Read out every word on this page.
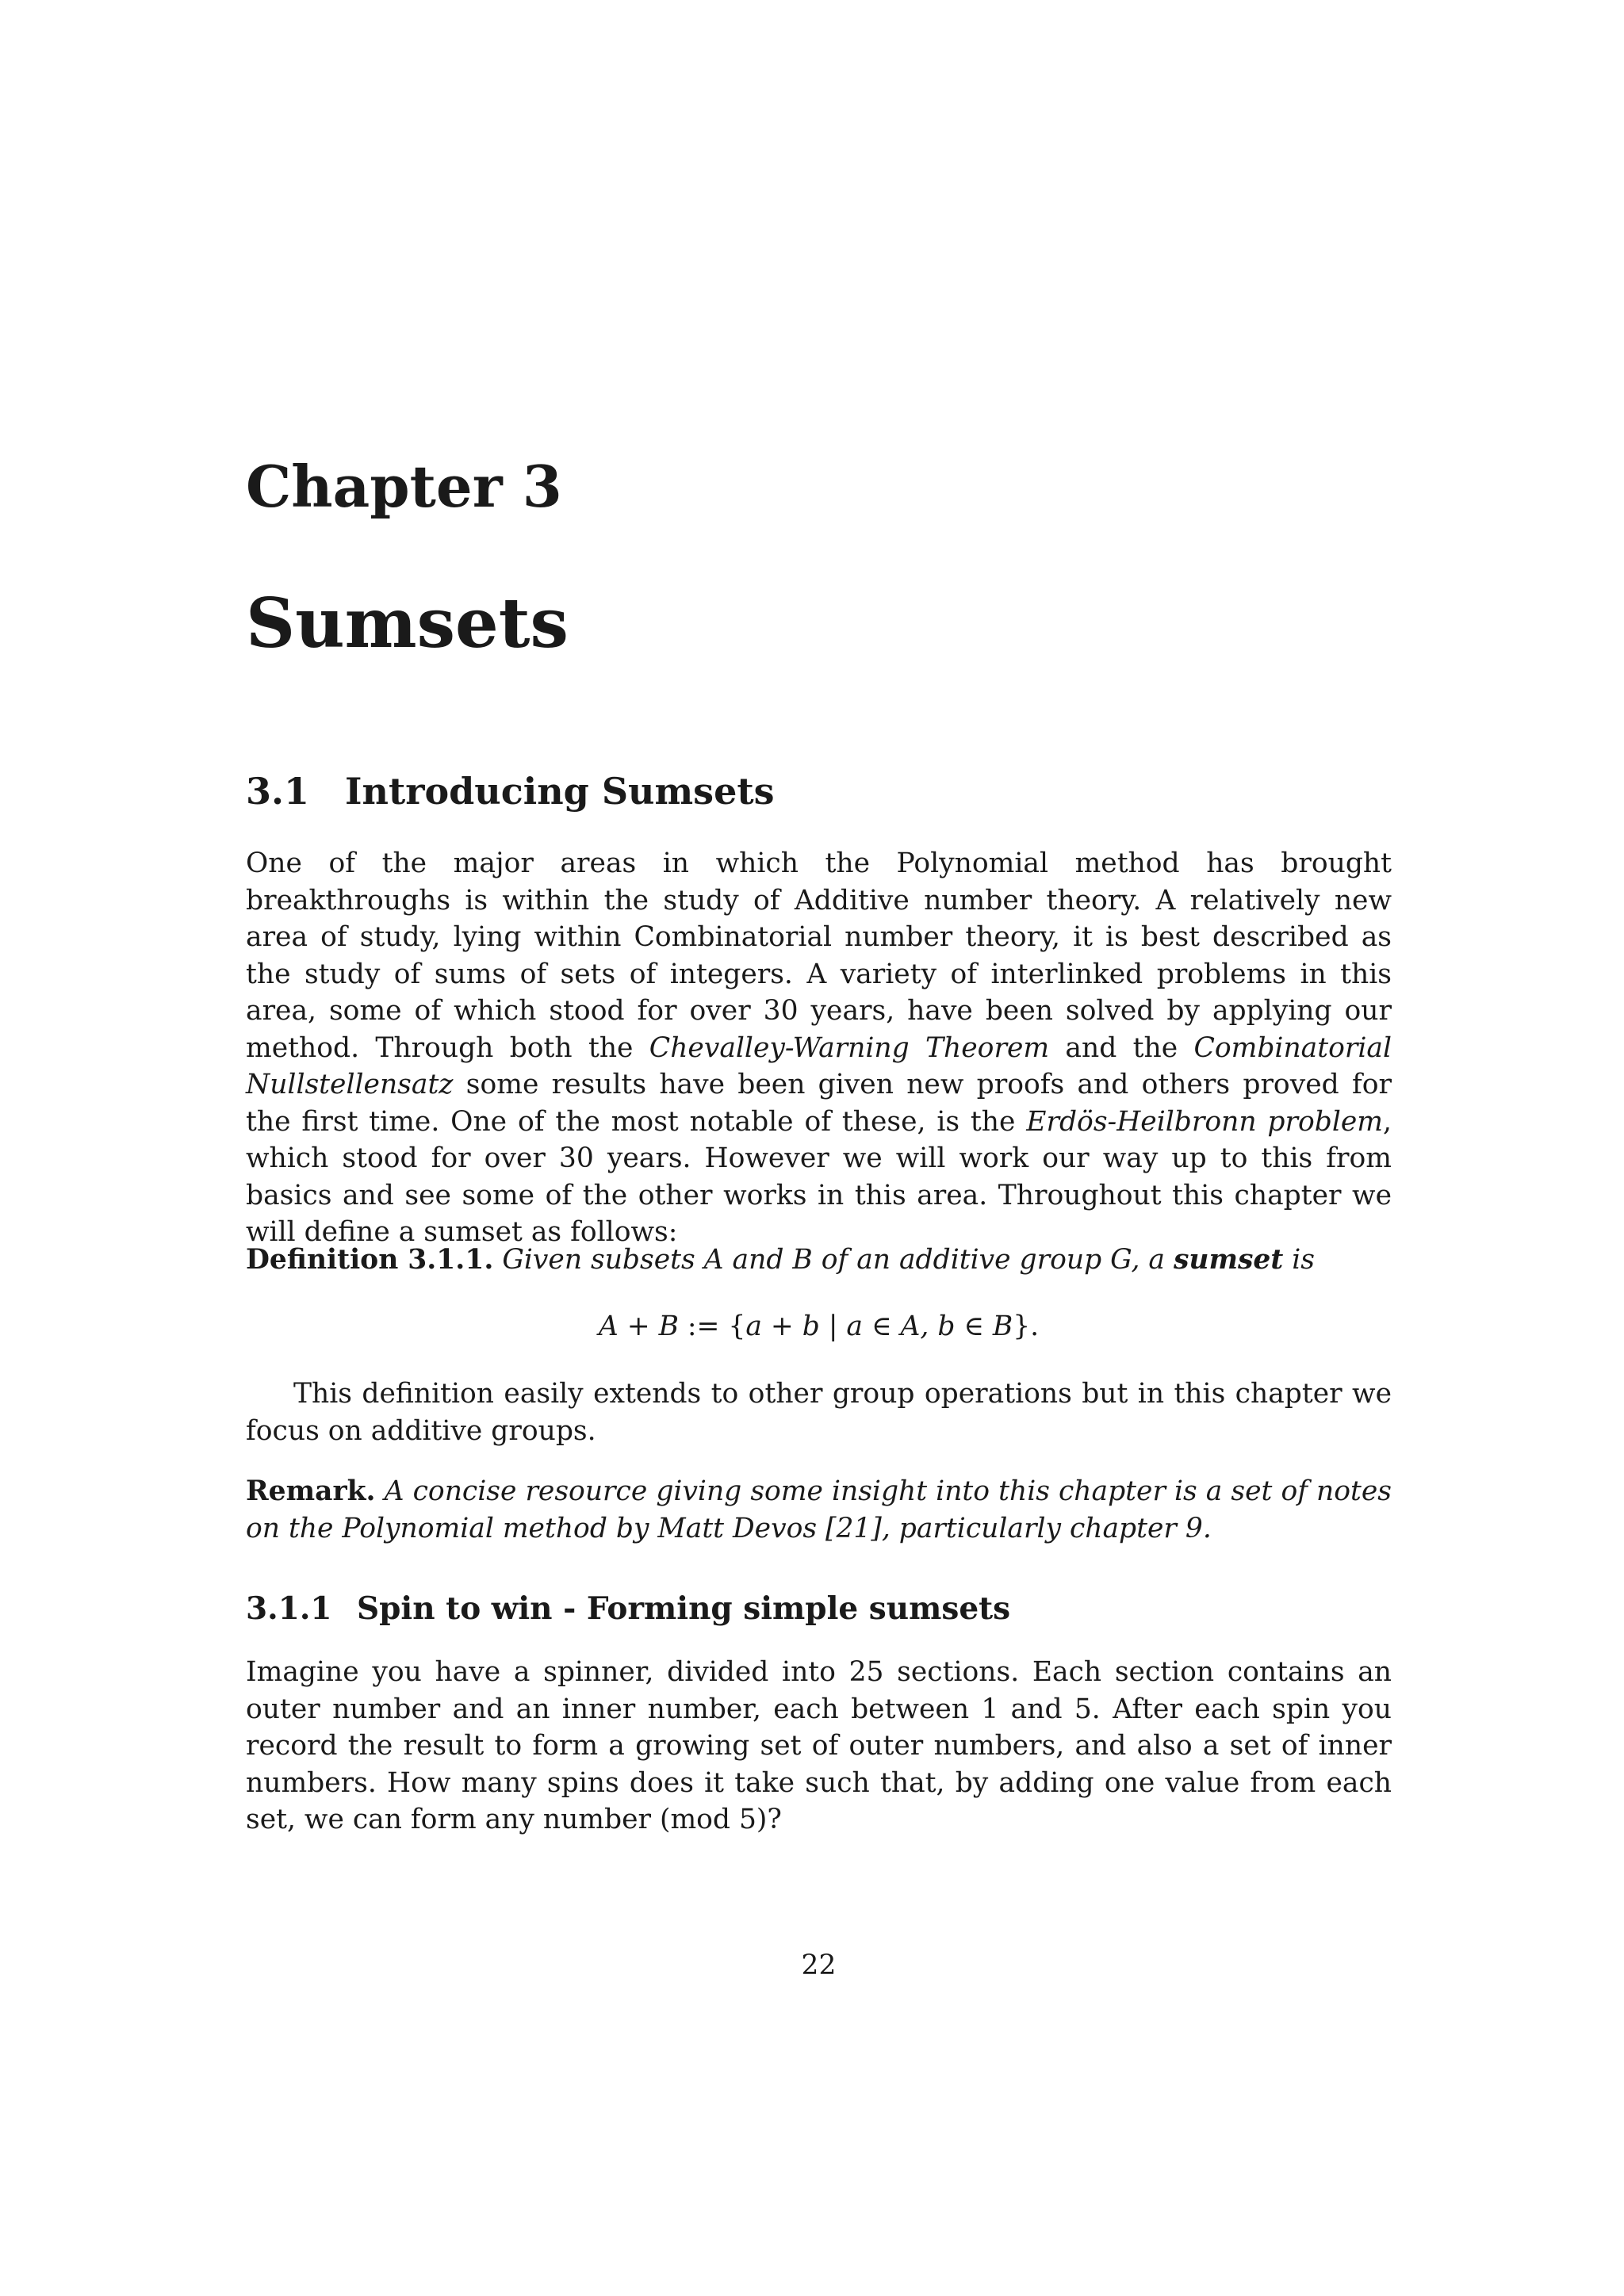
Chapter 3
Sumsets
3.1 Introducing Sumsets
One of the major areas in which the Polynomial method has brought breakthroughs is within the study of Additive number theory. A relatively new area of study, lying within Combinatorial number theory, it is best described as the study of sums of sets of integers. A variety of interlinked problems in this area, some of which stood for over 30 years, have been solved by applying our method. Through both the Chevalley-Warning Theorem and the Combinatorial Nullstellensatz some results have been given new proofs and others proved for the first time. One of the most notable of these, is the Erdös-Heilbronn problem, which stood for over 30 years. However we will work our way up to this from basics and see some of the other works in this area. Throughout this chapter we will define a sumset as follows:
Definition 3.1.1. Given subsets A and B of an additive group G, a sumset is
A + B := {a + b | a ∈ A, b ∈ B}.
This definition easily extends to other group operations but in this chapter we focus on additive groups.
Remark. A concise resource giving some insight into this chapter is a set of notes on the Polynomial method by Matt Devos [21], particularly chapter 9.
3.1.1 Spin to win - Forming simple sumsets
Imagine you have a spinner, divided into 25 sections. Each section contains an outer number and an inner number, each between 1 and 5. After each spin you record the result to form a growing set of outer numbers, and also a set of inner numbers. How many spins does it take such that, by adding one value from each set, we can form any number (mod 5)?
22
